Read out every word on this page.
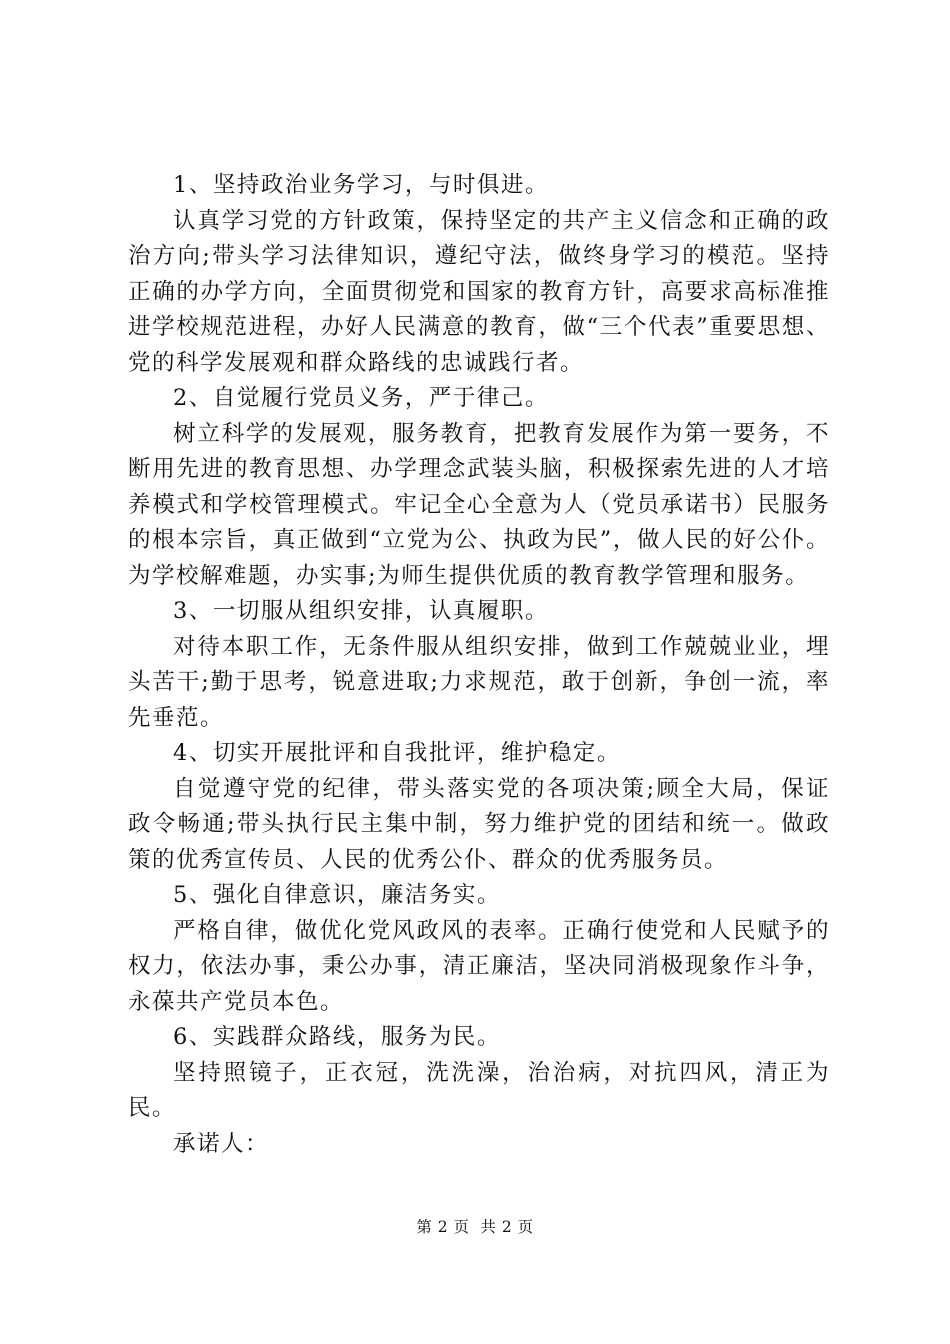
1、坚持政治业务学习，与时俱进。

认真学习党的方针政策，保持坚定的共产主义信念和正确的政治方向;带头学习法律知识，遵纪守法，做终身学习的模范。坚持正确的办学方向，全面贯彻党和国家的教育方针，高要求高标准推进学校规范进程，办好人民满意的教育，做“三个代表”重要思想、党的科学发展观和群众路线的忠诚践行者。

2、自觉履行党员义务，严于律己。

树立科学的发展观，服务教育，把教育发展作为第一要务，不断用先进的教育思想、办学理念武装头脑，积极探索先进的人才培养模式和学校管理模式。牢记全心全意为人（党员承诺书）民服务的根本宗旨，真正做到“立党为公、执政为民”，做人民的好公仆。为学校解难题，办实事;为师生提供优质的教育教学管理和服务。

3、一切服从组织安排，认真履职。

对待本职工作，无条件服从组织安排，做到工作兢兢业业，埋头苦干;勤于思考，锐意进取;力求规范，敢于创新，争创一流，率先垂范。

4、切实开展批评和自我批评，维护稳定。

自觉遵守党的纪律，带头落实党的各项决策;顾全大局，保证政令畅通;带头执行民主集中制，努力维护党的团结和统一。做政策的优秀宣传员、人民的优秀公仆、群众的优秀服务员。

5、强化自律意识，廉洁务实。

严格自律，做优化党风政风的表率。正确行使党和人民赋予的权力，依法办事，秉公办事，清正廉洁，坚决同消极现象作斗争，永葆共产党员本色。

6、实践群众路线，服务为民。

坚持照镜子，正衣冠，洗洗澡，治治病，对抗四风，清正为民。

承诺人：

第 2 页  共 2 页
